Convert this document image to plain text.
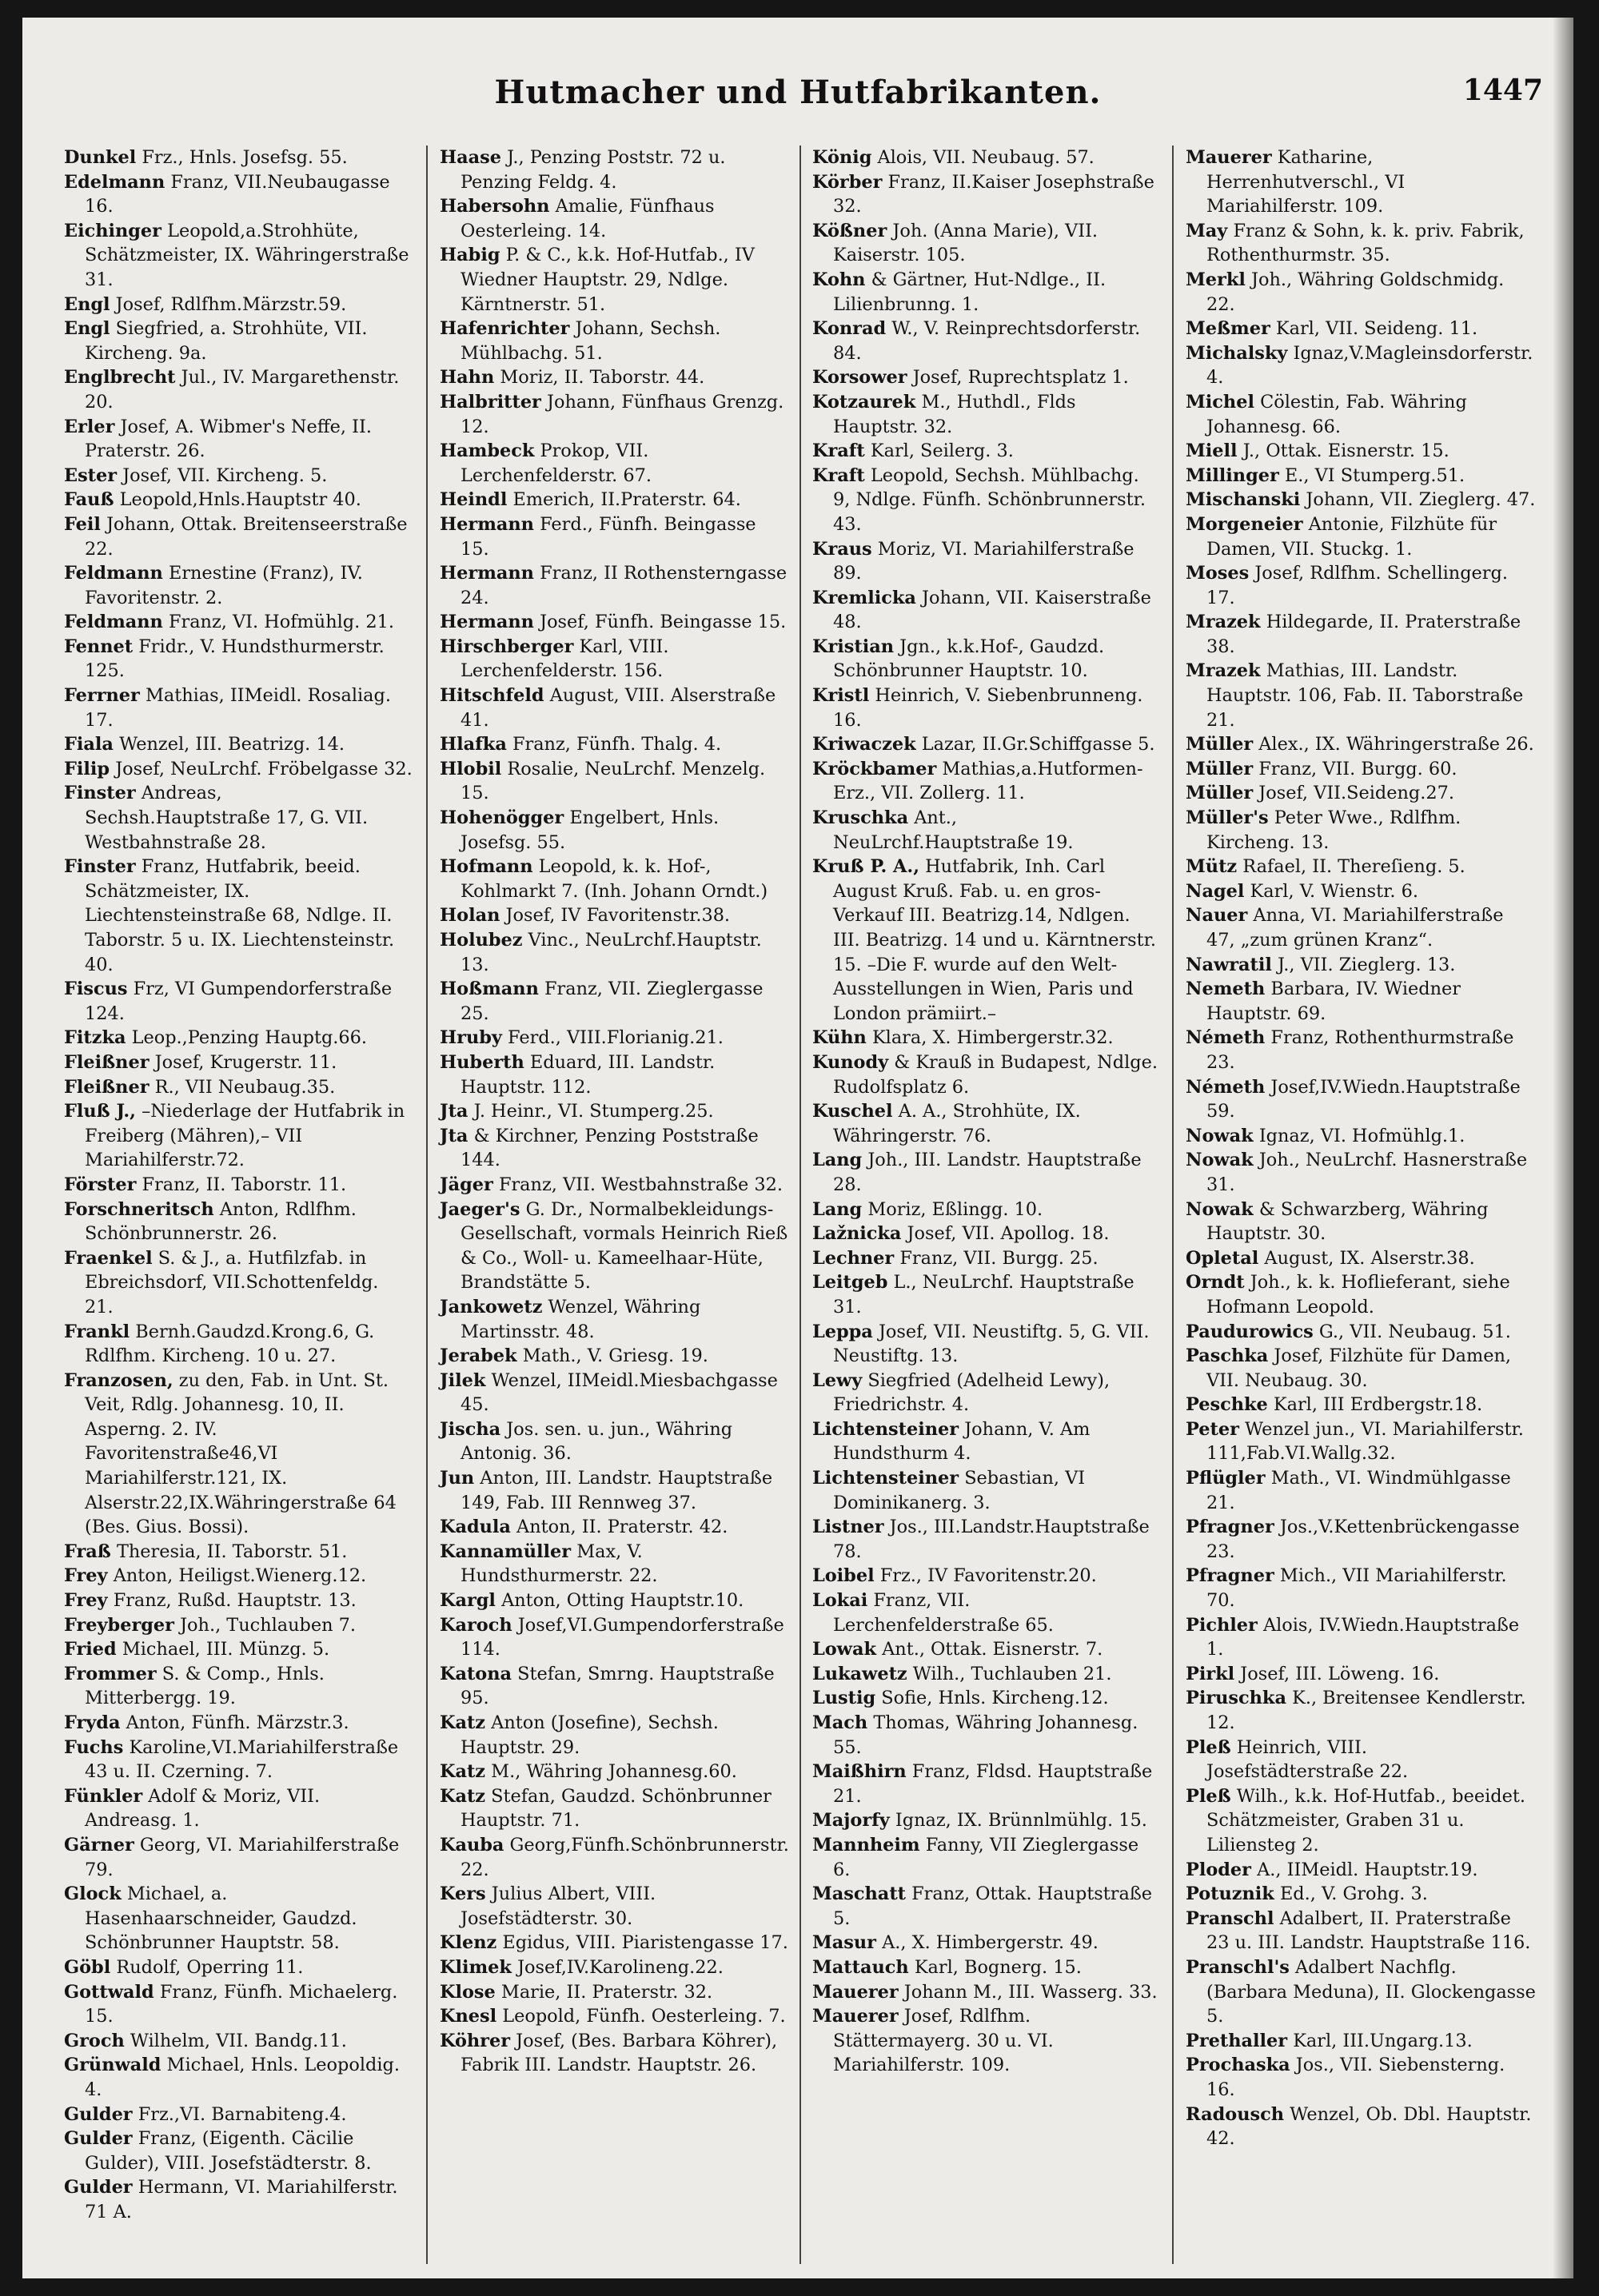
Hutmacher und Hutfabrikanten.	1447

Dunkel Frz., Hnls. Josefsg. 55.

Edelmann Franz, VII.Neubaugasse 16.

Eichinger Leopold,a.Strohhüte, Schätzmeister, IX. Währingerstraße 31.

Engl Josef, Rdlfhm.Märzstr.59.

Engl Siegfried, a. Strohhüte, VII. Kircheng. 9a.

Englbrecht Jul., IV. Margarethenstr. 20.

Erler Josef, A. Wibmer's Neffe, II. Praterstr. 26.

Ester Josef, VII. Kircheng. 5.

Fauß Leopold,Hnls.Hauptstr 40.

Feil Johann, Ottak. Breitenseerstraße 22.

Feldmann Ernestine (Franz), IV. Favoritenstr. 2.

Feldmann Franz, VI. Hofmühlg. 21.

Fennet Fridr., V. Hundsthurmerstr. 125.

Ferrner Mathias, IIMeidl. Rosaliag. 17.

Fiala Wenzel, III. Beatrizg. 14.

Filip Josef, NeuLrchf. Fröbelgasse 32.

Finster Andreas, Sechsh.Hauptstraße 17, G. VII. Westbahnstraße 28.

Finster Franz, Hutfabrik, beeid. Schätzmeister, IX. Liechtensteinstraße 68, Ndlge. II. Taborstr. 5 u. IX. Liechtensteinstr. 40.

Fiscus Frz, VI Gumpendorferstraße 124.

Fitzka Leop.,Penzing Hauptg.66.

Fleißner Josef, Krugerstr. 11.

Fleißner R., VII Neubaug.35.

Fluß J., –Niederlage der Hutfabrik in Freiberg (Mähren),– VII Mariahilferstr.72.

Förster Franz, II. Taborstr. 11.

Forschneritsch Anton, Rdlfhm. Schönbrunnerstr. 26.

Fraenkel S. & J., a. Hutfilzfab. in Ebreichsdorf, VII.Schottenfeldg. 21.

Frankl Bernh.Gaudzd.Krong.6, G. Rdlfhm. Kircheng. 10 u. 27.

Franzosen, zu den, Fab. in Unt. St. Veit, Rdlg. Johannesg. 10, II. Asperng. 2. IV. Favoritenstraße46,VI Mariahilferstr.121, IX. Alserstr.22,IX.Währingerstraße 64 (Bes. Gius. Bossi).

Fraß Theresia, II. Taborstr. 51.

Frey Anton, Heiligst.Wienerg.12.

Frey Franz, Rußd. Hauptstr. 13.

Freyberger Joh., Tuchlauben 7.

Fried Michael, III. Münzg. 5.

Frommer S. & Comp., Hnls. Mitterbergg. 19.

Fryda Anton, Fünfh. Märzstr.3.

Fuchs Karoline,VI.Mariahilferstraße 43 u. II. Czerning. 7.

Fünkler Adolf & Moriz, VII. Andreasg. 1.

Gärner Georg, VI. Mariahilferstraße 79.

Glock Michael, a. Hasenhaarschneider, Gaudzd. Schönbrunner Hauptstr. 58.

Göbl Rudolf, Operring 11.

Gottwald Franz, Fünfh. Michaelerg. 15.

Groch Wilhelm, VII. Bandg.11.

Grünwald Michael, Hnls. Leopoldig. 4.

Gulder Frz.,VI. Barnabiteng.4.

Gulder Franz, (Eigenth. Cäcilie Gulder), VIII. Josefstädterstr. 8.

Gulder Hermann, VI. Mariahilferstr. 71 A.

Haase J., Penzing Poststr. 72 u. Penzing Feldg. 4.

Habersohn Amalie, Fünfhaus Oesterleing. 14.

Habig P. & C., k.k. Hof-Hutfab., IV Wiedner Hauptstr. 29, Ndlge. Kärntnerstr. 51.

Hafenrichter Johann, Sechsh. Mühlbachg. 51.

Hahn Moriz, II. Taborstr. 44.

Halbritter Johann, Fünfhaus Grenzg. 12.

Hambeck Prokop, VII. Lerchenfelderstr. 67.

Heindl Emerich, II.Praterstr. 64.

Hermann Ferd., Fünfh. Beingasse 15.

Hermann Franz, II Rothensterngasse 24.

Hermann Josef, Fünfh. Beingasse 15.

Hirschberger Karl, VIII. Lerchenfelderstr. 156.

Hitschfeld August, VIII. Alserstraße 41.

Hlafka Franz, Fünfh. Thalg. 4.

Hlobil Rosalie, NeuLrchf. Menzelg. 15.

Hohenögger Engelbert, Hnls. Josefsg. 55.

Hofmann Leopold, k. k. Hof-, Kohlmarkt 7. (Inh. Johann Orndt.)

Holan Josef, IV Favoritenstr.38.

Holubez Vinc., NeuLrchf.Hauptstr. 13.

Hoßmann Franz, VII. Zieglergasse 25.

Hruby Ferd., VIII.Florianig.21.

Huberth Eduard, III. Landstr. Hauptstr. 112.

Jta J. Heinr., VI. Stumperg.25.

Jta & Kirchner, Penzing Poststraße 144.

Jäger Franz, VII. Westbahnstraße 32.

Jaeger's G. Dr., Normalbekleidungs-Gesellschaft, vormals Heinrich Rieß & Co., Woll- u. Kameelhaar-Hüte, Brandstätte 5.

Jankowetz Wenzel, Währing Martinsstr. 48.

Jerabek Math., V. Griesg. 19.

Jilek Wenzel, IIMeidl.Miesbachgasse 45.

Jischa Jos. sen. u. jun., Währing Antonig. 36.

Jun Anton, III. Landstr. Hauptstraße 149, Fab. III Rennweg 37.

Kadula Anton, II. Praterstr. 42.

Kannamüller Max, V. Hundsthurmerstr. 22.

Kargl Anton, Otting Hauptstr.10.

Karoch Josef,VI.Gumpendorferstraße 114.

Katona Stefan, Smrng. Hauptstraße 95.

Katz Anton (Josefine), Sechsh. Hauptstr. 29.

Katz M., Währing Johannesg.60.

Katz Stefan, Gaudzd. Schönbrunner Hauptstr. 71.

Kauba Georg,Fünfh.Schönbrunnerstr. 22.

Kers Julius Albert, VIII. Josefstädterstr. 30.

Klenz Egidus, VIII. Piaristengasse 17.

Klimek Josef,IV.Karolineng.22.

Klose Marie, II. Praterstr. 32.

Knesl Leopold, Fünfh. Oesterleing. 7.

Köhrer Josef, (Bes. Barbara Köhrer), Fabrik III. Landstr. Hauptstr. 26.

König Alois, VII. Neubaug. 57.

Körber Franz, II.Kaiser Josephstraße 32.

Kößner Joh. (Anna Marie), VII. Kaiserstr. 105.

Kohn & Gärtner, Hut-Ndlge., II. Lilienbrunng. 1.

Konrad W., V. Reinprechtsdorferstr. 84.

Korsower Josef, Ruprechtsplatz 1.

Kotzaurek M., Huthdl., Flds Hauptstr. 32.

Kraft Karl, Seilerg. 3.

Kraft Leopold, Sechsh. Mühlbachg. 9, Ndlge. Fünfh. Schönbrunnerstr. 43.

Kraus Moriz, VI. Mariahilferstraße 89.

Kremlicka Johann, VII. Kaiserstraße 48.

Kristian Jgn., k.k.Hof-, Gaudzd. Schönbrunner Hauptstr. 10.

Kristl Heinrich, V. Siebenbrunneng. 16.

Kriwaczek Lazar, II.Gr.Schiffgasse 5.

Kröckbamer Mathias,a.Hutformen-Erz., VII. Zollerg. 11.

Kruschka Ant., NeuLrchf.Hauptstraße 19.

Kruß P. A., Hutfabrik, Inh. Carl August Kruß. Fab. u. en gros-Verkauf III. Beatrizg.14, Ndlgen. III. Beatrizg. 14 und u. Kärntnerstr. 15. –Die F. wurde auf den Welt-Ausstellungen in Wien, Paris und London prämiirt.–

Kühn Klara, X. Himbergerstr.32.

Kunody & Krauß in Budapest, Ndlge. Rudolfsplatz 6.

Kuschel A. A., Strohhüte, IX. Währingerstr. 76.

Lang Joh., III. Landstr. Hauptstraße 28.

Lang Moriz, Eßlingg. 10.

Lažnicka Josef, VII. Apollog. 18.

Lechner Franz, VII. Burgg. 25.

Leitgeb L., NeuLrchf. Hauptstraße 31.

Leppa Josef, VII. Neustiftg. 5, G. VII. Neustiftg. 13.

Lewy Siegfried (Adelheid Lewy), Friedrichstr. 4.

Lichtensteiner Johann, V. Am Hundsthurm 4.

Lichtensteiner Sebastian, VI Dominikanerg. 3.

Listner Jos., III.Landstr.Hauptstraße 78.

Loibel Frz., IV Favoritenstr.20.

Lokai Franz, VII. Lerchenfelderstraße 65.

Lowak Ant., Ottak. Eisnerstr. 7.

Lukawetz Wilh., Tuchlauben 21.

Lustig Sofie, Hnls. Kircheng.12.

Mach Thomas, Währing Johannesg. 55.

Maißhirn Franz, Fldsd. Hauptstraße 21.

Majorfy Ignaz, IX. Brünnlmühlg. 15.

Mannheim Fanny, VII Zieglergasse 6.

Maschatt Franz, Ottak. Hauptstraße 5.

Masur A., X. Himbergerstr. 49.

Mattauch Karl, Bognerg. 15.

Mauerer Johann M., III. Wasserg. 33.

Mauerer Josef, Rdlfhm. Stättermayerg. 30 u. VI. Mariahilferstr. 109.

Mauerer Katharine, Herrenhutverschl., VI Mariahilferstr. 109.

May Franz & Sohn, k. k. priv. Fabrik, Rothenthurmstr. 35.

Merkl Joh., Währing Goldschmidg. 22.

Meßmer Karl, VII. Seideng. 11.

Michalsky Ignaz,V.Magleinsdorferstr. 4.

Michel Cölestin, Fab. Währing Johannesg. 66.

Miell J., Ottak. Eisnerstr. 15.

Millinger E., VI Stumperg.51.

Mischanski Johann, VII. Zieglerg. 47.

Morgeneier Antonie, Filzhüte für Damen, VII. Stuckg. 1.

Moses Josef, Rdlfhm. Schellingerg. 17.

Mrazek Hildegarde, II. Praterstraße 38.

Mrazek Mathias, III. Landstr. Hauptstr. 106, Fab. II. Taborstraße 21.

Müller Alex., IX. Währingerstraße 26.

Müller Franz, VII. Burgg. 60.

Müller Josef, VII.Seideng.27.

Müller's Peter Wwe., Rdlfhm. Kircheng. 13.

Mütz Rafael, II. Thereſieng. 5.

Nagel Karl, V. Wienstr. 6.

Nauer Anna, VI. Mariahilferstraße 47, „zum grünen Kranz“.

Nawratil J., VII. Zieglerg. 13.

Nemeth Barbara, IV. Wiedner Hauptstr. 69.

Németh Franz, Rothenthurmstraße 23.

Németh Josef,IV.Wiedn.Hauptstraße 59.

Nowak Ignaz, VI. Hofmühlg.1.

Nowak Joh., NeuLrchf. Hasnerstraße 31.

Nowak & Schwarzberg, Währing Hauptstr. 30.

Opletal August, IX. Alserstr.38.

Orndt Joh., k. k. Hoflieferant, siehe Hofmann Leopold.

Paudurowics G., VII. Neubaug. 51.

Paschka Josef, Filzhüte für Damen, VII. Neubaug. 30.

Peschke Karl, III Erdbergstr.18.

Peter Wenzel jun., VI. Mariahilferstr. 111,Fab.VI.Wallg.32.

Pflügler Math., VI. Windmühlgasse 21.

Pfragner Jos.,V.Kettenbrückengasse 23.

Pfragner Mich., VII Mariahilferstr. 70.

Pichler Alois, IV.Wiedn.Hauptstraße 1.

Pirkl Josef, III. Löweng. 16.

Piruschka K., Breitensee Kendlerstr. 12.

Pleß Heinrich, VIII. Josefstädterstraße 22.

Pleß Wilh., k.k. Hof-Hutfab., beeidet. Schätzmeister, Graben 31 u. Liliensteg 2.

Ploder A., IIMeidl. Hauptstr.19.

Potuznik Ed., V. Grohg. 3.

Pranschl Adalbert, II. Praterstraße 23 u. III. Landstr. Hauptstraße 116.

Pranschl's Adalbert Nachflg. (Barbara Meduna), II. Glockengasse 5.

Prethaller Karl, III.Ungarg.13.

Prochaska Jos., VII. Siebensterng. 16.

Radousch Wenzel, Ob. Dbl. Hauptstr. 42.
